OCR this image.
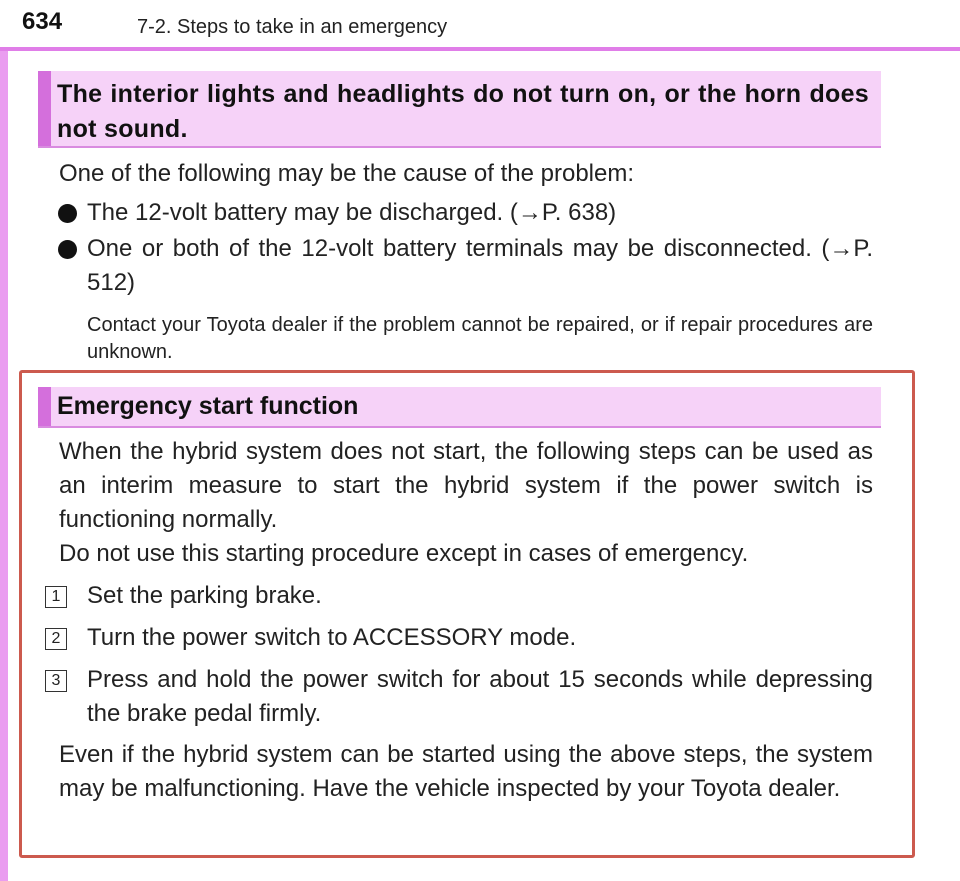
634	7-2. Steps to take in an emergency
The interior lights and headlights do not turn on, or the horn does not sound.
One of the following may be the cause of the problem:
The 12-volt battery may be discharged. (→P. 638)
One or both of the 12-volt battery terminals may be disconnected. (→P. 512)
Contact your Toyota dealer if the problem cannot be repaired, or if repair procedures are unknown.
Emergency start function
When the hybrid system does not start, the following steps can be used as an interim measure to start the hybrid system if the power switch is functioning normally.
Do not use this starting procedure except in cases of emergency.
1 Set the parking brake.
2 Turn the power switch to ACCESSORY mode.
3 Press and hold the power switch for about 15 seconds while depressing the brake pedal firmly.
Even if the hybrid system can be started using the above steps, the system may be malfunctioning. Have the vehicle inspected by your Toyota dealer.
